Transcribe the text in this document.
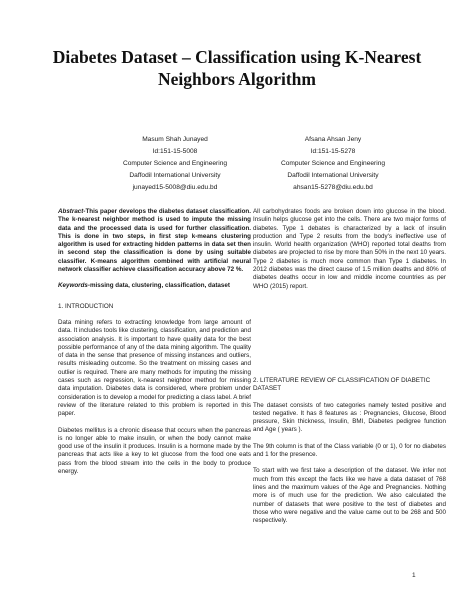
Diabetes Dataset – Classification using K-Nearest Neighbors Algorithm
Masum Shah Junayed
Id:151-15-5008
Computer Science and Engineering
Daffodil International University
junayed15-5008@diu.edu.bd
Afsana Ahsan Jeny
Id:151-15-5278
Computer Science and Engineering
Daffodil International University
ahsan15-5278@diu.edu.bd

Abstract-This paper develops the diabetes dataset classification. The k-nearest neighbor method is used to impute the missing data and the processed data is used for further classification. This is done in two steps, in first step k-means clustering algorithm is used for extracting hidden patterns in data set then in second step the classification is done by using suitable classifier. K-means algorithm combined with artificial neural network classifier achieve classification accuracy above 72 %.

Keywords-missing data, clustering, classification, dataset

1. INTRODUCTION

Data mining refers to extracting knowledge from large amount of data. It includes tools like clustering, classification, and prediction and association analysis. It is important to have quality data for the best possible performance of any of the data mining algorithm. The quality of data in the sense that presence of missing instances and outliers, results misleading outcome. So the treatment on missing cases and outlier is required. There are many methods for imputing the missing cases such as regression, k-nearest neighbor method for missing data imputation. Diabetes data is considered, where problem under consideration is to develop a model for predicting a class label. A brief review of the literature related to this problem is reported in this paper.

Diabetes mellitus is a chronic disease that occurs when the pancreas is no longer able to make insulin, or when the body cannot make good use of the insulin it produces. Insulin is a hormone made by the pancreas that acts like a key to let glucose from the food one eats pass from the blood stream into the cells in the body to produce energy.

All carbohydrates foods are broken down into glucose in the blood. Insulin helps glucose get into the cells. There are two major forms of diabetes. Type 1 debates is characterized by a lack of insulin production and Type 2 results from the body's ineffective use of insulin. World health organization (WHO) reported total deaths from diabetes are projected to rise by more than 50% in the next 10 years. Type 2 diabetes is much more common than Type 1 diabetes. In 2012 diabetes was the direct cause of 1.5 million deaths and 80% of diabetes deaths occur in low and middle income countries as per WHO (2015) report.

2. LITERATURE REVIEW OF CLASSIFICATION OF DIABETIC DATASET

The dataset consists of two categories namely tested positive and tested negative. It has 8 features as : Pregnancies, Glucose, Blood pressure, Skin thickness, Insulin, BMI, Diabetes pedigree function and Age ( years ).

The 9th column is that of the Class variable (0 or 1), 0 for no diabetes and 1 for the presence.

To start with we first take a description of the dataset. We infer not much from this except the facts like we have a data dataset of 768 lines and the maximum values of the Age and Pregnancies. Nothing more is of much use for the prediction. We also calculated the number of datasets that were positive to the test of diabetes and those who were negative and the value came out to be 268 and 500 respectively.

1
